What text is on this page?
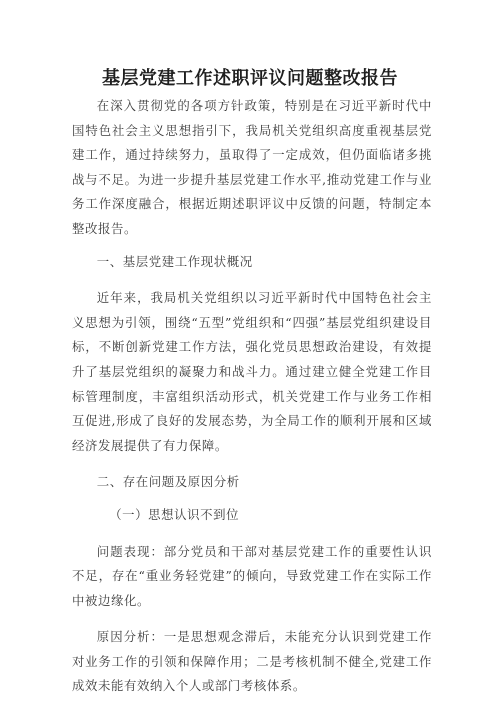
基层党建工作述职评议问题整改报告

在深入贯彻党的各项方针政策，特别是在习近平新时代中国特色社会主义思想指引下，我局机关党组织高度重视基层党建工作，通过持续努力，虽取得了一定成效，但仍面临诸多挑战与不足。为进一步提升基层党建工作水平,推动党建工作与业务工作深度融合，根据近期述职评议中反馈的问题，特制定本整改报告。

一、基层党建工作现状概况

近年来，我局机关党组织以习近平新时代中国特色社会主义思想为引领，围绕“五型”党组织和“四强”基层党组织建设目标，不断创新党建工作方法，强化党员思想政治建设，有效提升了基层党组织的凝聚力和战斗力。通过建立健全党建工作目标管理制度，丰富组织活动形式，机关党建工作与业务工作相互促进,形成了良好的发展态势，为全局工作的顺利开展和区域经济发展提供了有力保障。

二、存在问题及原因分析

（一）思想认识不到位

问题表现：部分党员和干部对基层党建工作的重要性认识不足，存在“重业务轻党建”的倾向，导致党建工作在实际工作中被边缘化。

原因分析：一是思想观念滞后，未能充分认识到党建工作对业务工作的引领和保障作用；二是考核机制不健全,党建工作成效未能有效纳入个人或部门考核体系。
